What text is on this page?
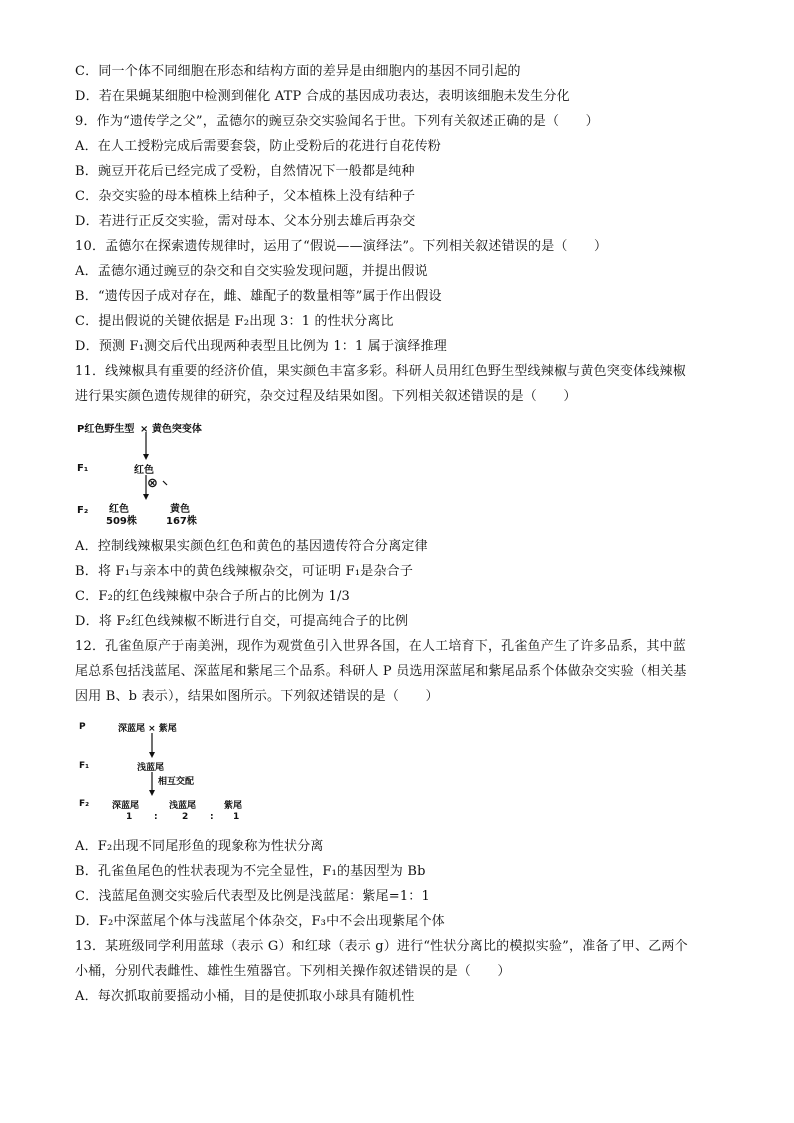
C．同一个体不同细胞在形态和结构方面的差异是由细胞内的基因不同引起的
D．若在果蝇某细胞中检测到催化 ATP 合成的基因成功表达，表明该细胞未发生分化
9．作为“遗传学之父”，孟德尔的豌豆杂交实验闻名于世。下列有关叙述正确的是（　　）
A．在人工授粉完成后需要套袋，防止受粉后的花进行自花传粉
B．豌豆开花后已经完成了受粉，自然情况下一般都是纯种
C．杂交实验的母本植株上结种子，父本植株上没有结种子
D．若进行正反交实验，需对母本、父本分别去雄后再杂交
10．孟德尔在探索遗传规律时，运用了“假说——演绎法”。下列相关叙述错误的是（　　）
A．孟德尔通过豌豆的杂交和自交实验发现问题，并提出假说
B．“遗传因子成对存在，雌、雄配子的数量相等”属于作出假设
C．提出假说的关键依据是 F₂出现 3：1 的性状分离比
D．预测 F₁测交后代出现两种表型且比例为 1：1 属于演绎推理
11．线辣椒具有重要的经济价值，果实颜色丰富多彩。科研人员用红色野生型线辣椒与黄色突变体线辣椒
进行果实颜色遗传规律的研究，杂交过程及结果如图。下列相关叙述错误的是（　　）
P红色野生型 × 黄色突变体
F₁	红色
⊗
F₂ 红色
509株
黄色
167株
A．控制线辣椒果实颜色红色和黄色的基因遗传符合分离定律
B．将 F₁与亲本中的黄色线辣椒杂交，可证明 F₁是杂合子
C．F₂的红色线辣椒中杂合子所占的比例为 1/3
D．将 F₂红色线辣椒不断进行自交，可提高纯合子的比例
12．孔雀鱼原产于南美洲，现作为观赏鱼引入世界各国，在人工培育下，孔雀鱼产生了许多品系，其中蓝
尾总系包括浅蓝尾、深蓝尾和紫尾三个品系。科研人 P 员选用深蓝尾和紫尾品系个体做杂交实验（相关基
因用 B、b 表示），结果如图所示。下列叙述错误的是（　　）
P	深蓝尾 × 紫尾
F₁	浅蓝尾
相互交配
F₂	深蓝尾	浅蓝尾	紫尾
1 :	2 : 1
A．F₂出现不同尾形鱼的现象称为性状分离
B．孔雀鱼尾色的性状表现为不完全显性，F₁的基因型为 Bb
C．浅蓝尾鱼测交实验后代表型及比例是浅蓝尾：紫尾=1：1
D．F₂中深蓝尾个体与浅蓝尾个体杂交，F₃中不会出现紫尾个体
13．某班级同学利用蓝球（表示 G）和红球（表示 g）进行“性状分离比的模拟实验”，准备了甲、乙两个
小桶，分别代表雌性、雄性生殖器官。下列相关操作叙述错误的是（　　）
A．每次抓取前要摇动小桶，目的是使抓取小球具有随机性
